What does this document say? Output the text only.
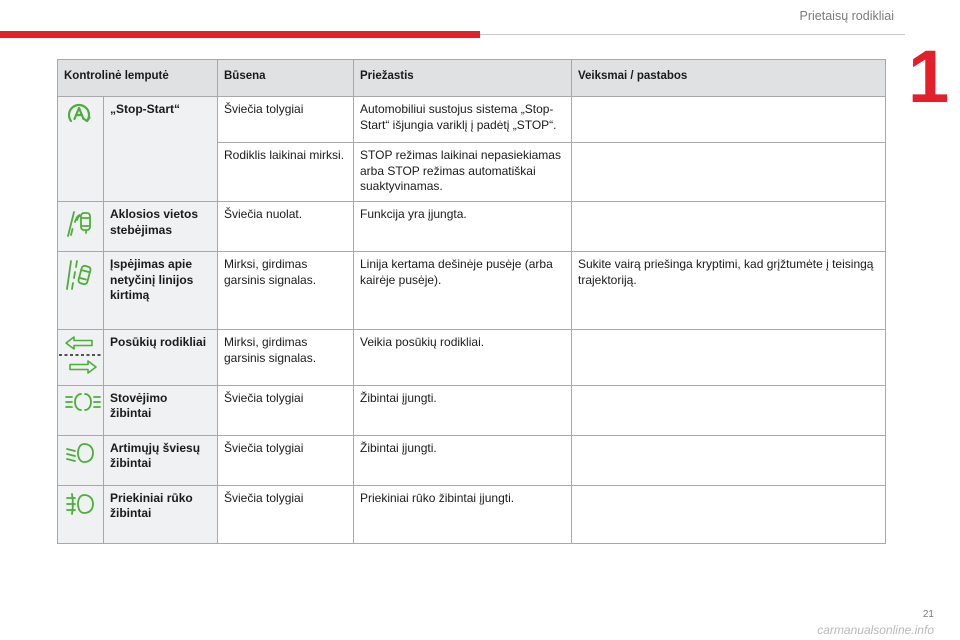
Prietaisų rodikliai
1
Kontrolinė lemputė		Būsena	Priežastis	Veiksmai / pastabos

	„Stop-Start“	Šviečia tolygiai	Automobiliui sustojus sistema „Stop-Start“ išjungia variklį į padėtį „STOP“.	
		Rodiklis laikinai mirksi.	STOP režimas laikinai nepasiekiamas arba STOP režimas automatiškai suaktyvinamas.	

	Aklosios vietos stebėjimas	Šviečia nuolat.	Funkcija yra įjungta.	

	Įspėjimas apie netyčinį linijos kirtimą	Mirksi, girdimas garsinis signalas.	Linija kertama dešinėje pusėje (arba kairėje pusėje).	Sukite vairą priešinga kryptimi, kad grįžtumėte į teisingą trajektoriją.

	Posūkių rodikliai	Mirksi, girdimas garsinis signalas.	Veikia posūkių rodikliai.	

	Stovėjimo žibintai	Šviečia tolygiai	Žibintai įjungti.	

	Artimųjų šviesų žibintai	Šviečia tolygiai	Žibintai įjungti.	

	Priekiniai rūko žibintai	Šviečia tolygiai	Priekiniai rūko žibintai įjungti.	
21
carmanualsonline.info
